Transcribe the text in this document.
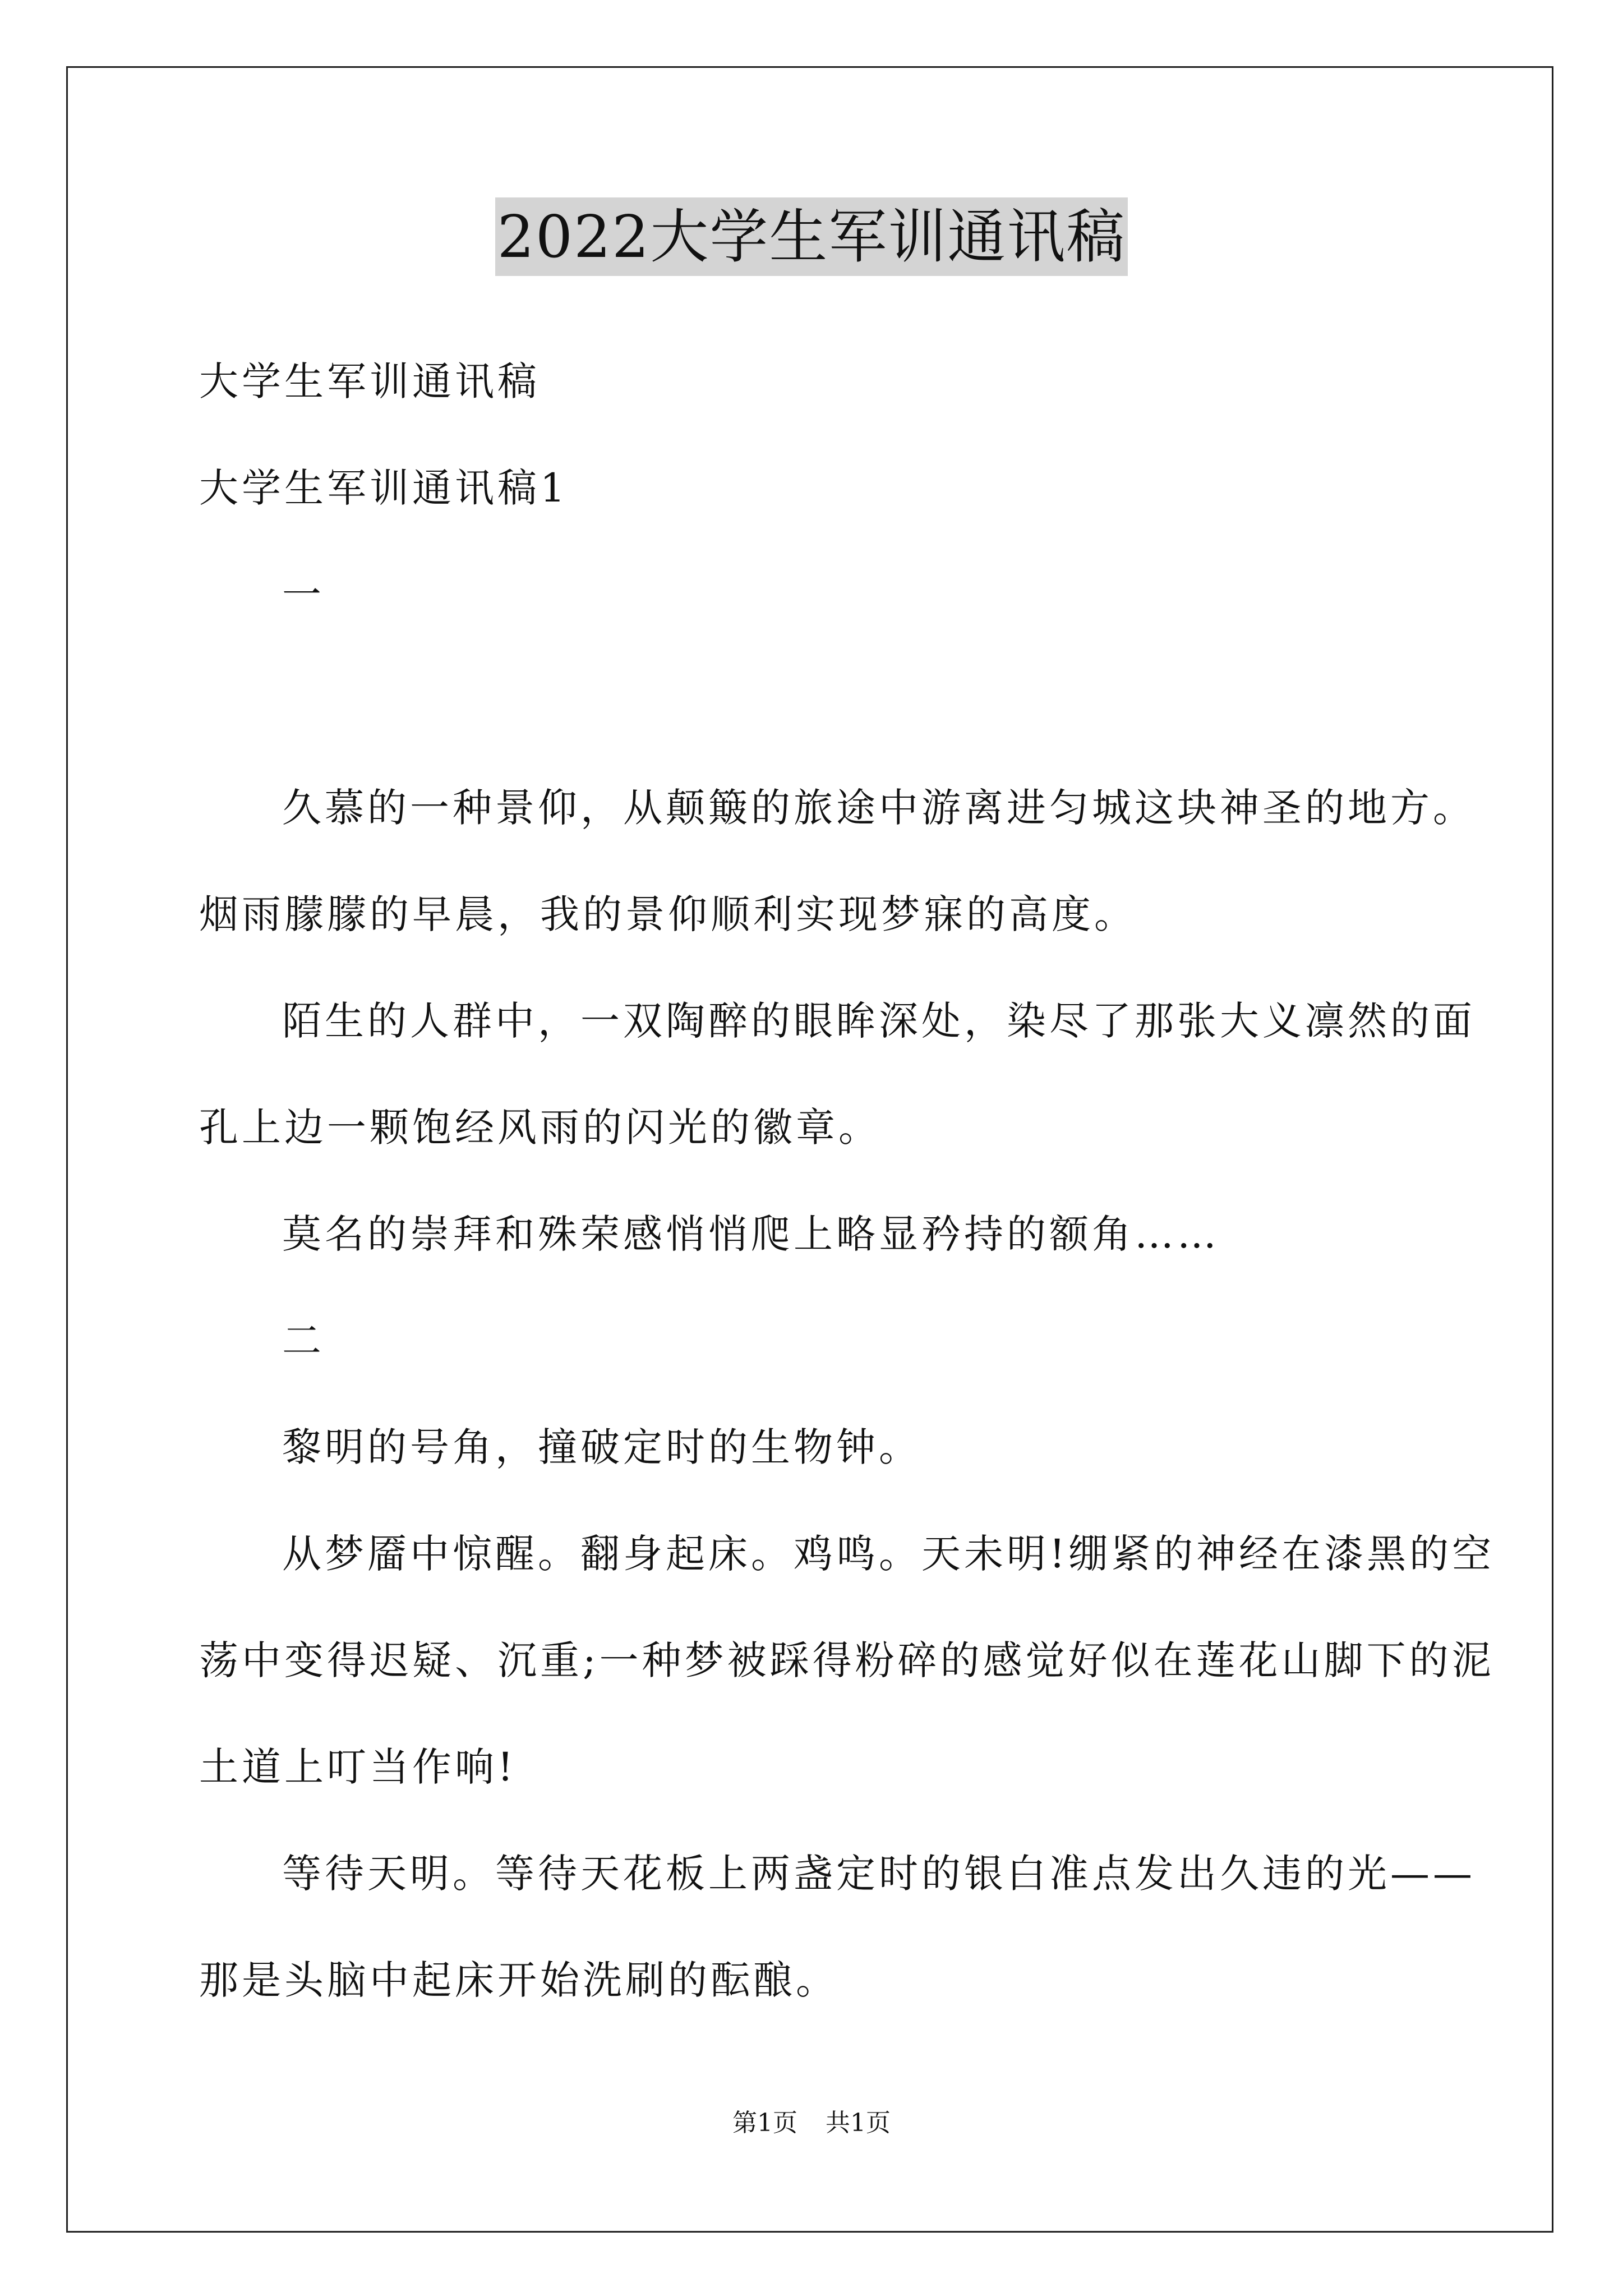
2022大学生军训通讯稿
大学生军训通讯稿
大学生军训通讯稿1
一
久慕的一种景仰，从颠簸的旅途中游离进匀城这块神圣的地方。
烟雨朦朦的早晨，我的景仰顺利实现梦寐的高度。
陌生的人群中，一双陶醉的眼眸深处，染尽了那张大义凛然的面
孔上边一颗饱经风雨的闪光的徽章。
莫名的崇拜和殊荣感悄悄爬上略显矜持的额角……
二
黎明的号角，撞破定时的生物钟。
从梦靥中惊醒。翻身起床。鸡鸣。天未明!绷紧的神经在漆黑的空
荡中变得迟疑、沉重;一种梦被踩得粉碎的感觉好似在莲花山脚下的泥
土道上叮当作响!
等待天明。等待天花板上两盏定时的银白准点发出久违的光——
那是头脑中起床开始洗刷的酝酿。
第1页 共1页
